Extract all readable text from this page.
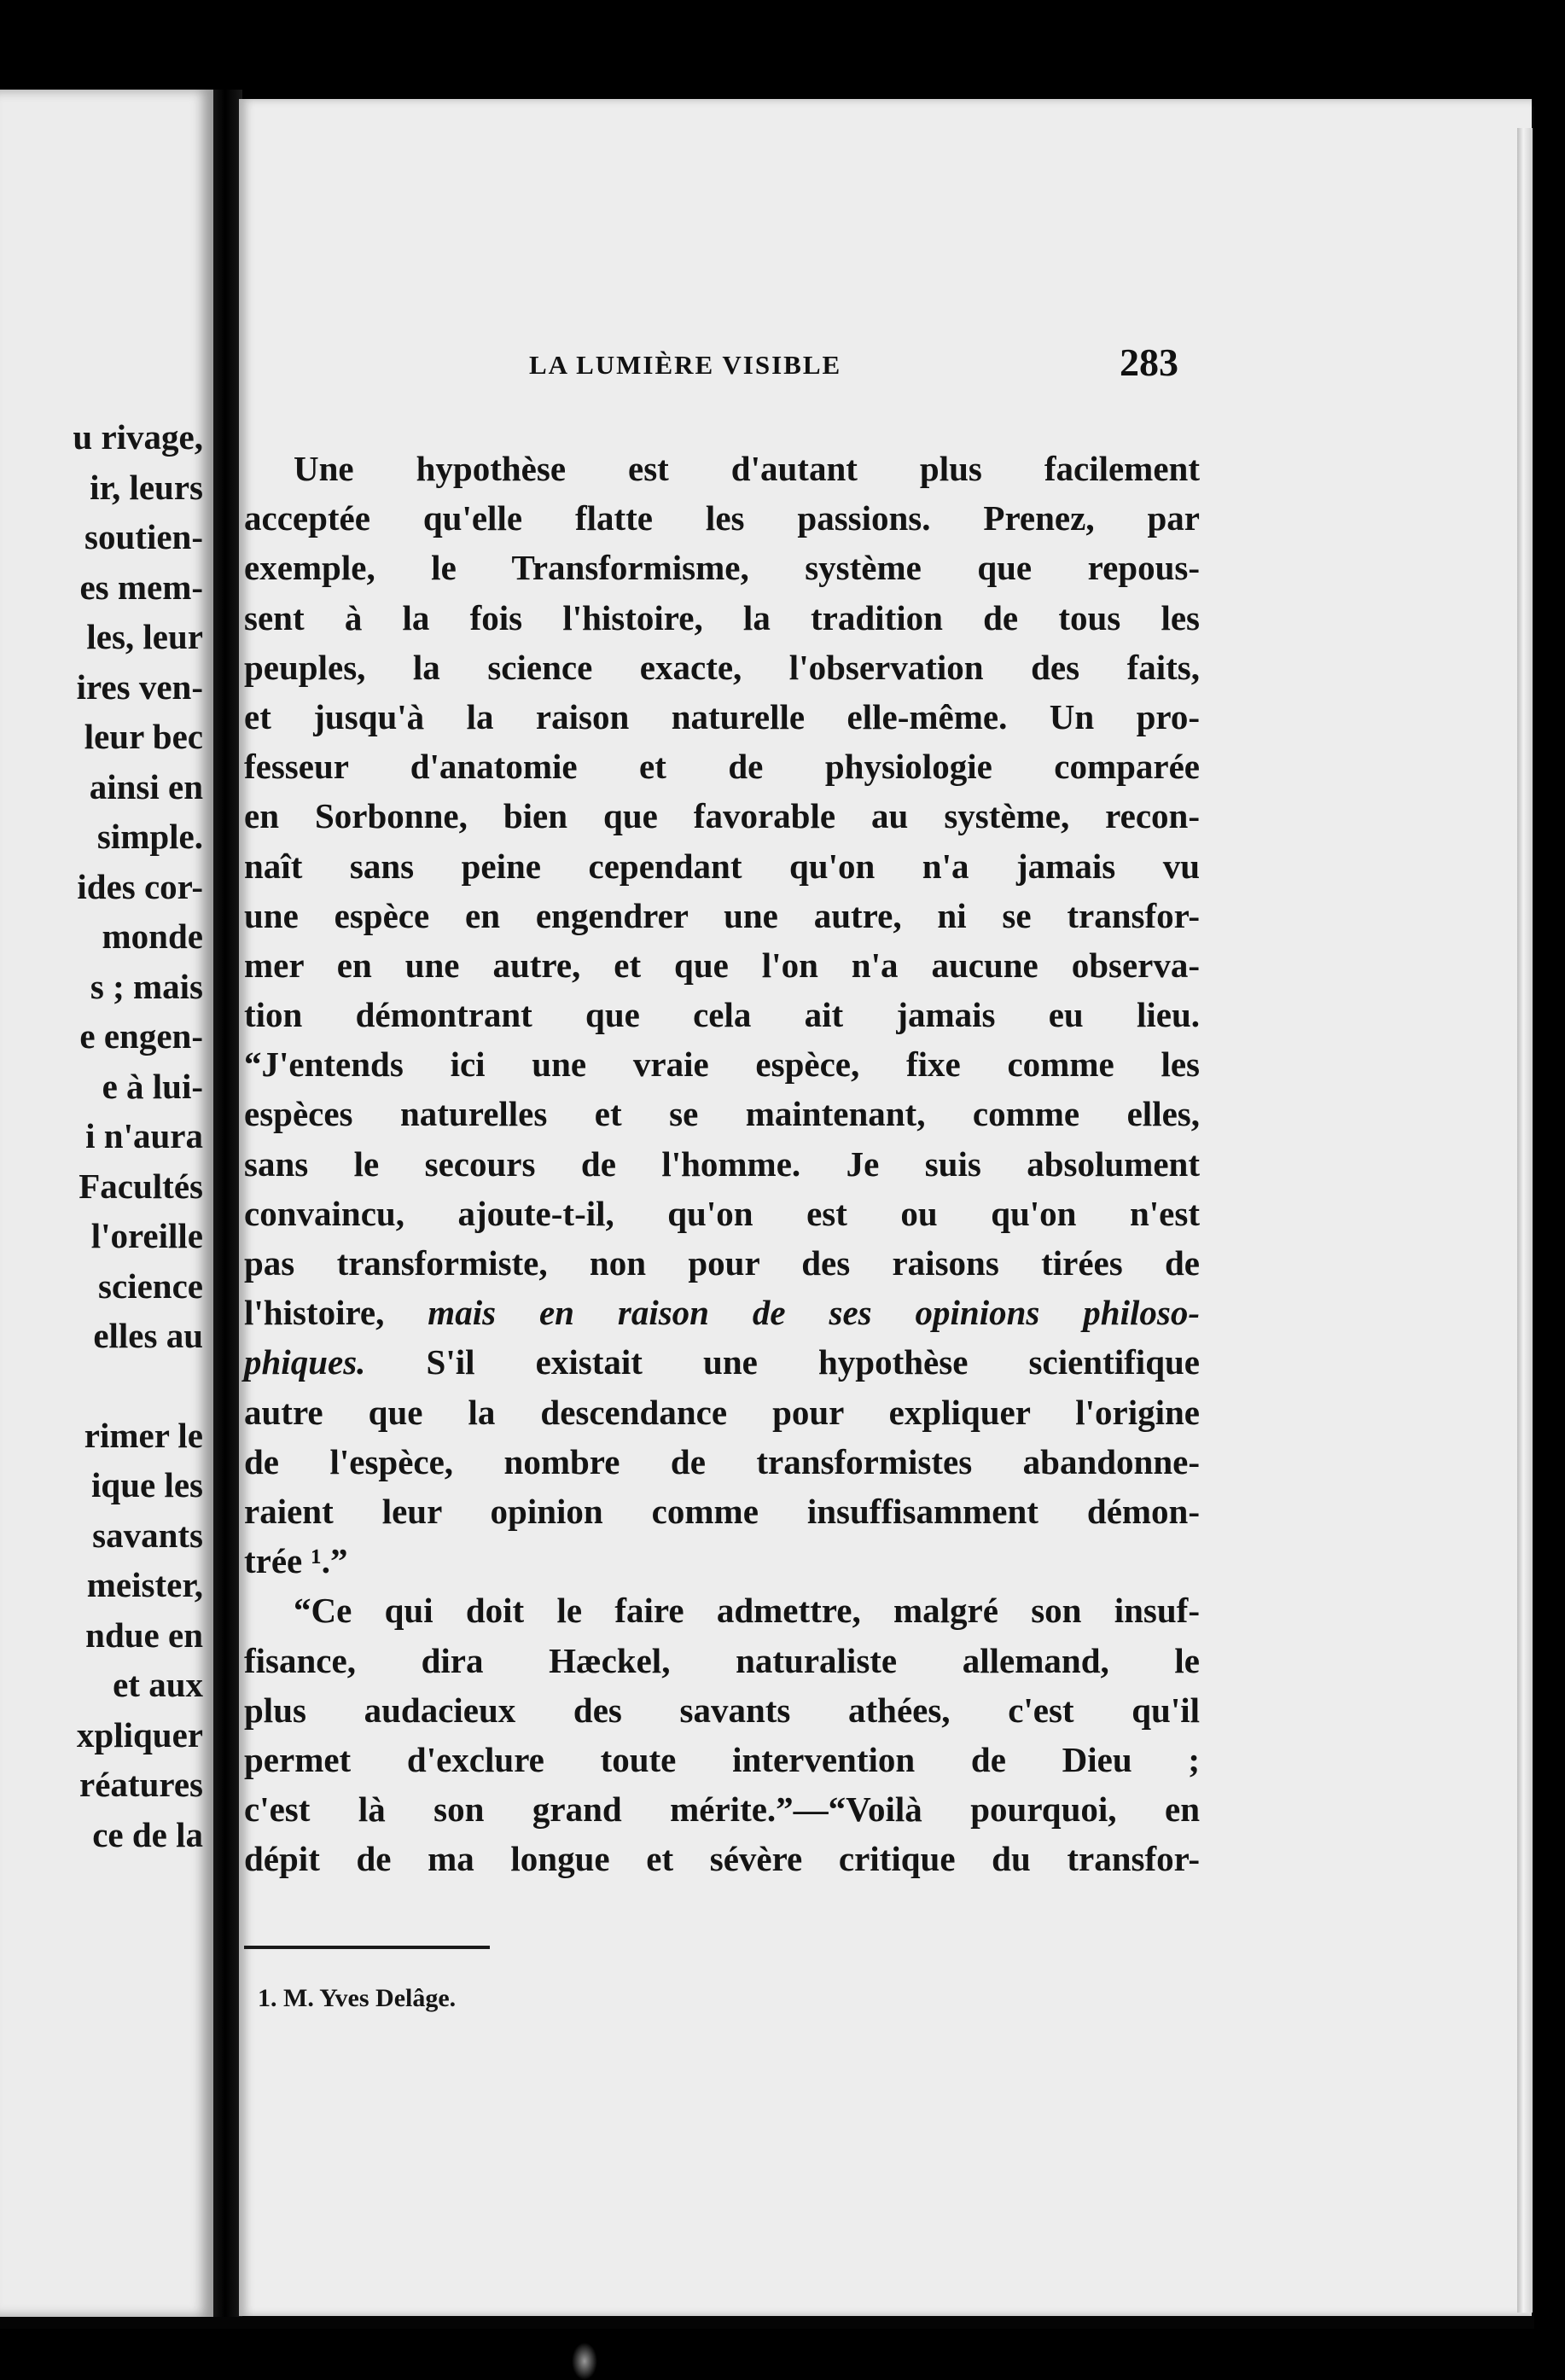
u rivage,
ir, leurs
soutien-
es mem-
les, leur
ires ven-
leur bec
ainsi en
simple.
ides cor-
monde
s ; mais
e engen-
e à lui-
i n'aura
Facultés
l'oreille
science
elles au
rimer le
ique les
savants
meister,
ndue en
et aux
xpliquer
réatures
ce de la
LA LUMIÈRE VISIBLE	283
Une hypothèse est d'autant plus facilement
acceptée qu'elle flatte les passions. Prenez, par
exemple, le Transformisme, système que repous-
sent à la fois l'histoire, la tradition de tous les
peuples, la science exacte, l'observation des faits,
et jusqu'à la raison naturelle elle-même. Un pro-
fesseur d'anatomie et de physiologie comparée
en Sorbonne, bien que favorable au système, recon-
naît sans peine cependant qu'on n'a jamais vu
une espèce en engendrer une autre, ni se transfor-
mer en une autre, et que l'on n'a aucune observa-
tion démontrant que cela ait jamais eu lieu.
“J'entends ici une vraie espèce, fixe comme les
espèces naturelles et se maintenant, comme elles,
sans le secours de l'homme. Je suis absolument
convaincu, ajoute-t-il, qu'on est ou qu'on n'est
pas transformiste, non pour des raisons tirées de
l'histoire, mais en raison de ses opinions philoso-
phiques. S'il existait une hypothèse scientifique
autre que la descendance pour expliquer l'origine
de l'espèce, nombre de transformistes abandonne-
raient leur opinion comme insuffisamment démon-
trée ¹.”
“Ce qui doit le faire admettre, malgré son insuf-
fisance, dira Hæckel, naturaliste allemand, le
plus audacieux des savants athées, c'est qu'il
permet d'exclure toute intervention de Dieu ;
c'est là son grand mérite.”—“Voilà pourquoi, en
dépit de ma longue et sévère critique du transfor-
1. M. Yves Delâge.
